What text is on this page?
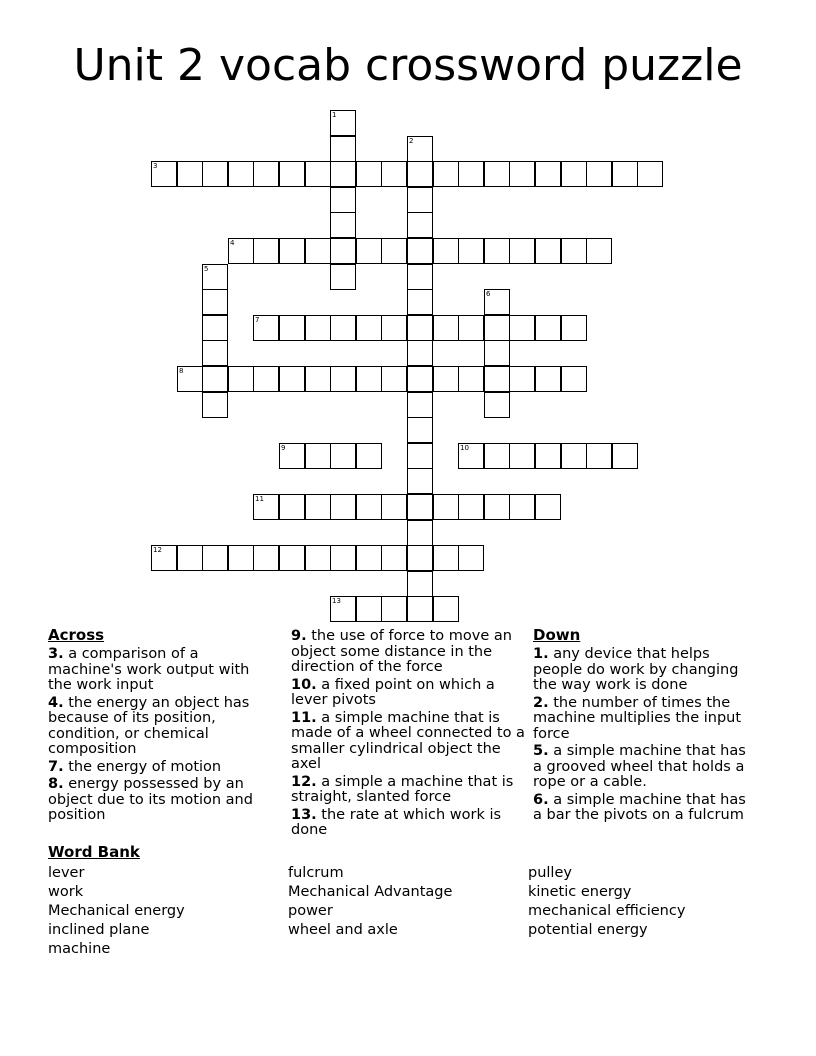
Unit 2 vocab crossword puzzle
1
2
3
4
5
6
7
8
9	10
11
12
13
Across
3. a comparison of a machine's work output with the work input
4. the energy an object has because of its position, condition, or chemical composition
7. the energy of motion
8. energy possessed by an object due to its motion and position
9. the use of force to move an object some distance in the direction of the force
10. a fixed point on which a lever pivots
11. a simple machine that is made of a wheel connected to a smaller cylindrical object the axel
12. a simple a machine that is straight, slanted force
13. the rate at which work is done
Down
1. any device that helps people do work by changing the way work is done
2. the number of times the machine multiplies the input force
5. a simple machine that has a grooved wheel that holds a rope or a cable.
6. a simple machine that has a bar the pivots on a fulcrum
Word Bank
lever
work
Mechanical energy
inclined plane
machine
fulcrum
Mechanical Advantage
power
wheel and axle
pulley
kinetic energy
mechanical efficiency
potential energy
